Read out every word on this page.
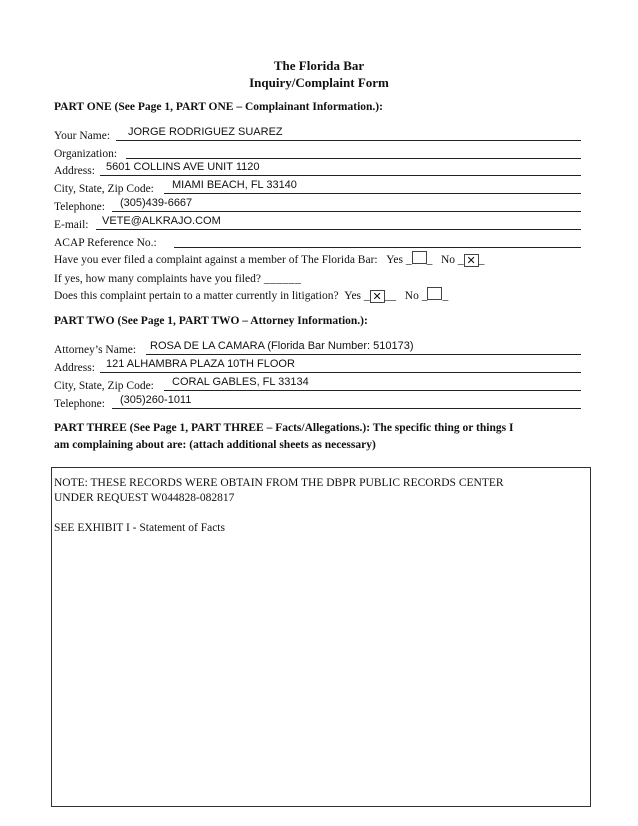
The Florida Bar
Inquiry/Complaint Form
PART ONE (See Page 1, PART ONE – Complainant Information.):
Your Name: JORGE RODRIGUEZ SUAREZ
Organization:
Address: 5601 COLLINS AVE UNIT 1120
City, State, Zip Code: MIAMI BEACH, FL 33140
Telephone: (305)439-6667
E-mail: VETE@ALKRAJO.COM
ACAP Reference No.:
Have you ever filed a complaint against a member of The Florida Bar: Yes _ _   No _ ✕ _
If yes, how many complaints have you filed? ______
Does this complaint pertain to a matter currently in litigation? Yes _ ✕ __   No _ _
PART TWO (See Page 1, PART TWO – Attorney Information.):
Attorney’s Name: ROSA DE LA CAMARA (Florida Bar Number: 510173)
Address: 121 ALHAMBRA PLAZA 10TH FLOOR
City, State, Zip Code: CORAL GABLES, FL 33134
Telephone: (305)260-1011
PART THREE (See Page 1, PART THREE – Facts/Allegations.): The specific thing or things I
am complaining about are: (attach additional sheets as necessary)

NOTE: THESE RECORDS WERE OBTAIN FROM THE DBPR PUBLIC RECORDS CENTER

UNDER REQUEST W044828-082817

SEE EXHIBIT I - Statement of Facts
